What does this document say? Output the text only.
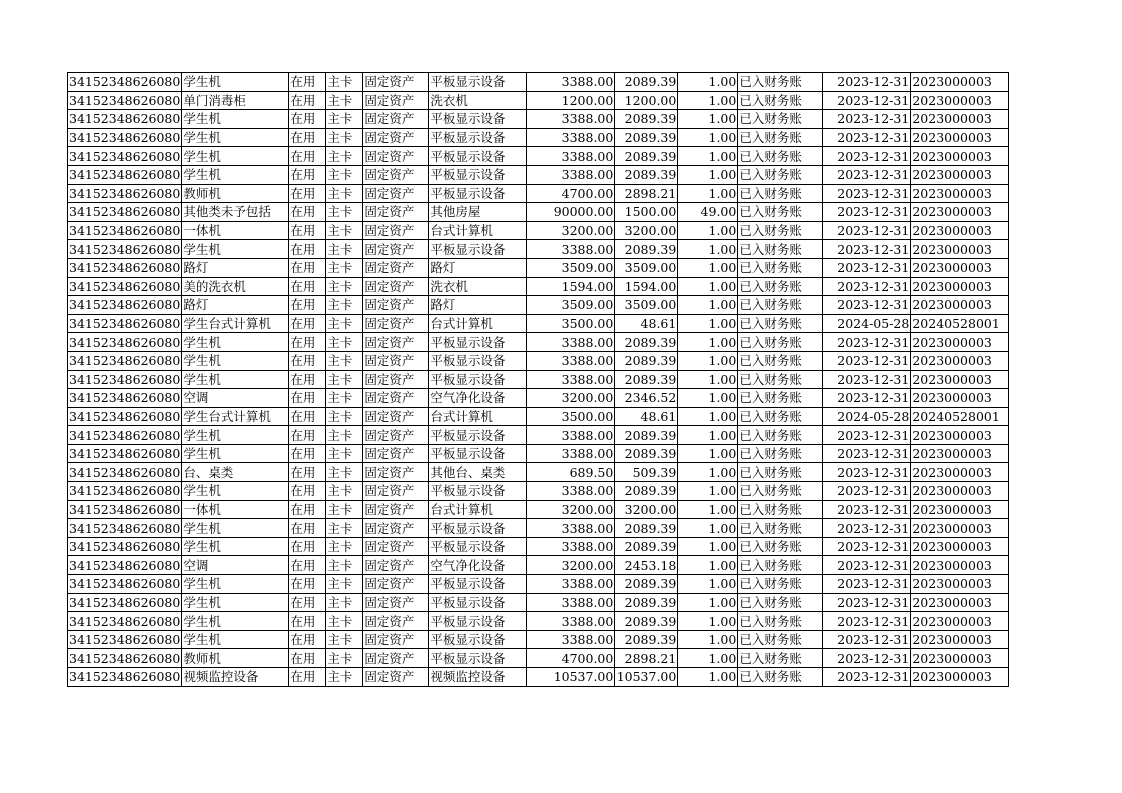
34152348626080	学生机	在用	主卡	固定资产	平板显示设备	3388.00	2089.39	1.00	已入财务账	2023-12-31	2023000003
34152348626080	单门消毒柜	在用	主卡	固定资产	洗衣机	1200.00	1200.00	1.00	已入财务账	2023-12-31	2023000003
34152348626080	学生机	在用	主卡	固定资产	平板显示设备	3388.00	2089.39	1.00	已入财务账	2023-12-31	2023000003
34152348626080	学生机	在用	主卡	固定资产	平板显示设备	3388.00	2089.39	1.00	已入财务账	2023-12-31	2023000003
34152348626080	学生机	在用	主卡	固定资产	平板显示设备	3388.00	2089.39	1.00	已入财务账	2023-12-31	2023000003
34152348626080	学生机	在用	主卡	固定资产	平板显示设备	3388.00	2089.39	1.00	已入财务账	2023-12-31	2023000003
34152348626080	教师机	在用	主卡	固定资产	平板显示设备	4700.00	2898.21	1.00	已入财务账	2023-12-31	2023000003
34152348626080	其他类未予包括	在用	主卡	固定资产	其他房屋	90000.00	1500.00	49.00	已入财务账	2023-12-31	2023000003
34152348626080	一体机	在用	主卡	固定资产	台式计算机	3200.00	3200.00	1.00	已入财务账	2023-12-31	2023000003
34152348626080	学生机	在用	主卡	固定资产	平板显示设备	3388.00	2089.39	1.00	已入财务账	2023-12-31	2023000003
34152348626080	路灯	在用	主卡	固定资产	路灯	3509.00	3509.00	1.00	已入财务账	2023-12-31	2023000003
34152348626080	美的洗衣机	在用	主卡	固定资产	洗衣机	1594.00	1594.00	1.00	已入财务账	2023-12-31	2023000003
34152348626080	路灯	在用	主卡	固定资产	路灯	3509.00	3509.00	1.00	已入财务账	2023-12-31	2023000003
34152348626080	学生台式计算机	在用	主卡	固定资产	台式计算机	3500.00	48.61	1.00	已入财务账	2024-05-28	20240528001
34152348626080	学生机	在用	主卡	固定资产	平板显示设备	3388.00	2089.39	1.00	已入财务账	2023-12-31	2023000003
34152348626080	学生机	在用	主卡	固定资产	平板显示设备	3388.00	2089.39	1.00	已入财务账	2023-12-31	2023000003
34152348626080	学生机	在用	主卡	固定资产	平板显示设备	3388.00	2089.39	1.00	已入财务账	2023-12-31	2023000003
34152348626080	空调	在用	主卡	固定资产	空气净化设备	3200.00	2346.52	1.00	已入财务账	2023-12-31	2023000003
34152348626080	学生台式计算机	在用	主卡	固定资产	台式计算机	3500.00	48.61	1.00	已入财务账	2024-05-28	20240528001
34152348626080	学生机	在用	主卡	固定资产	平板显示设备	3388.00	2089.39	1.00	已入财务账	2023-12-31	2023000003
34152348626080	学生机	在用	主卡	固定资产	平板显示设备	3388.00	2089.39	1.00	已入财务账	2023-12-31	2023000003
34152348626080	台、桌类	在用	主卡	固定资产	其他台、桌类	689.50	509.39	1.00	已入财务账	2023-12-31	2023000003
34152348626080	学生机	在用	主卡	固定资产	平板显示设备	3388.00	2089.39	1.00	已入财务账	2023-12-31	2023000003
34152348626080	一体机	在用	主卡	固定资产	台式计算机	3200.00	3200.00	1.00	已入财务账	2023-12-31	2023000003
34152348626080	学生机	在用	主卡	固定资产	平板显示设备	3388.00	2089.39	1.00	已入财务账	2023-12-31	2023000003
34152348626080	学生机	在用	主卡	固定资产	平板显示设备	3388.00	2089.39	1.00	已入财务账	2023-12-31	2023000003
34152348626080	空调	在用	主卡	固定资产	空气净化设备	3200.00	2453.18	1.00	已入财务账	2023-12-31	2023000003
34152348626080	学生机	在用	主卡	固定资产	平板显示设备	3388.00	2089.39	1.00	已入财务账	2023-12-31	2023000003
34152348626080	学生机	在用	主卡	固定资产	平板显示设备	3388.00	2089.39	1.00	已入财务账	2023-12-31	2023000003
34152348626080	学生机	在用	主卡	固定资产	平板显示设备	3388.00	2089.39	1.00	已入财务账	2023-12-31	2023000003
34152348626080	学生机	在用	主卡	固定资产	平板显示设备	3388.00	2089.39	1.00	已入财务账	2023-12-31	2023000003
34152348626080	教师机	在用	主卡	固定资产	平板显示设备	4700.00	2898.21	1.00	已入财务账	2023-12-31	2023000003
34152348626080	视频监控设备	在用	主卡	固定资产	视频监控设备	10537.00	10537.00	1.00	已入财务账	2023-12-31	2023000003
